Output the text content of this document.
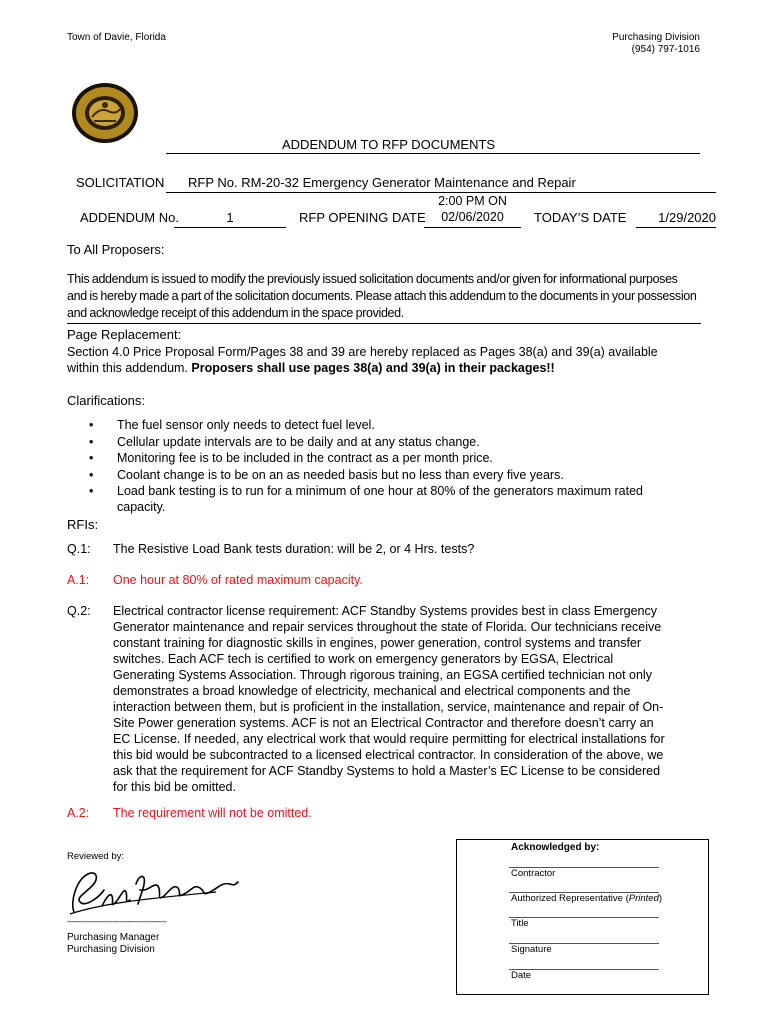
Town of Davie, Florida	Purchasing Division
(954) 797-1016
ADDENDUM TO RFP DOCUMENTS
SOLICITATION RFP No. RM-20-32 Emergency Generator Maintenance and Repair
ADDENDUM No.	1	RFP OPENING DATE
2:00 PM ON
02/06/2020	TODAY’S DATE	1/29/2020
To All Proposers:
This addendum is issued to modify the previously issued solicitation documents and/or given for informational purposes
and is hereby made a part of the solicitation documents. Please attach this addendum to the documents in your possession
and acknowledge receipt of this addendum in the space provided.
Page Replacement:
Section 4.0 Price Proposal Form/Pages 38 and 39 are hereby replaced as Pages 38(a) and 39(a) available
within this addendum. Proposers shall use pages 38(a) and 39(a) in their packages!!
Clarifications:
• The fuel sensor only needs to detect fuel level.
• Cellular update intervals are to be daily and at any status change.
• Monitoring fee is to be included in the contract as a per month price.
• Coolant change is to be on an as needed basis but no less than every five years.
• Load bank testing is to run for a minimum of one hour at 80% of the generators maximum rated
capacity.
RFIs:
Q.1: The Resistive Load Bank tests duration: will be 2, or 4 Hrs. tests?
A.1: One hour at 80% of rated maximum capacity.
Q.2: Electrical contractor license requirement: ACF Standby Systems provides best in class Emergency
Generator maintenance and repair services throughout the state of Florida. Our technicians receive
constant training for diagnostic skills in engines, power generation, control systems and transfer
switches. Each ACF tech is certified to work on emergency generators by EGSA, Electrical
Generating Systems Association. Through rigorous training, an EGSA certified technician not only
demonstrates a broad knowledge of electricity, mechanical and electrical components and the
interaction between them, but is proficient in the installation, service, maintenance and repair of On-
Site Power generation systems. ACF is not an Electrical Contractor and therefore doesn’t carry an
EC License. If needed, any electrical work that would require permitting for electrical installations for
this bid would be subcontracted to a licensed electrical contractor. In consideration of the above, we
ask that the requirement for ACF Standby Systems to hold a Master’s EC License to be considered
for this bid be omitted.
A.2: The requirement will not be omitted.
Reviewed by:
----------------------------------------------
Purchasing Manager
Purchasing Division
Acknowledged by:
Contractor
Authorized Representative (Printed)
Title
Signature
Date
